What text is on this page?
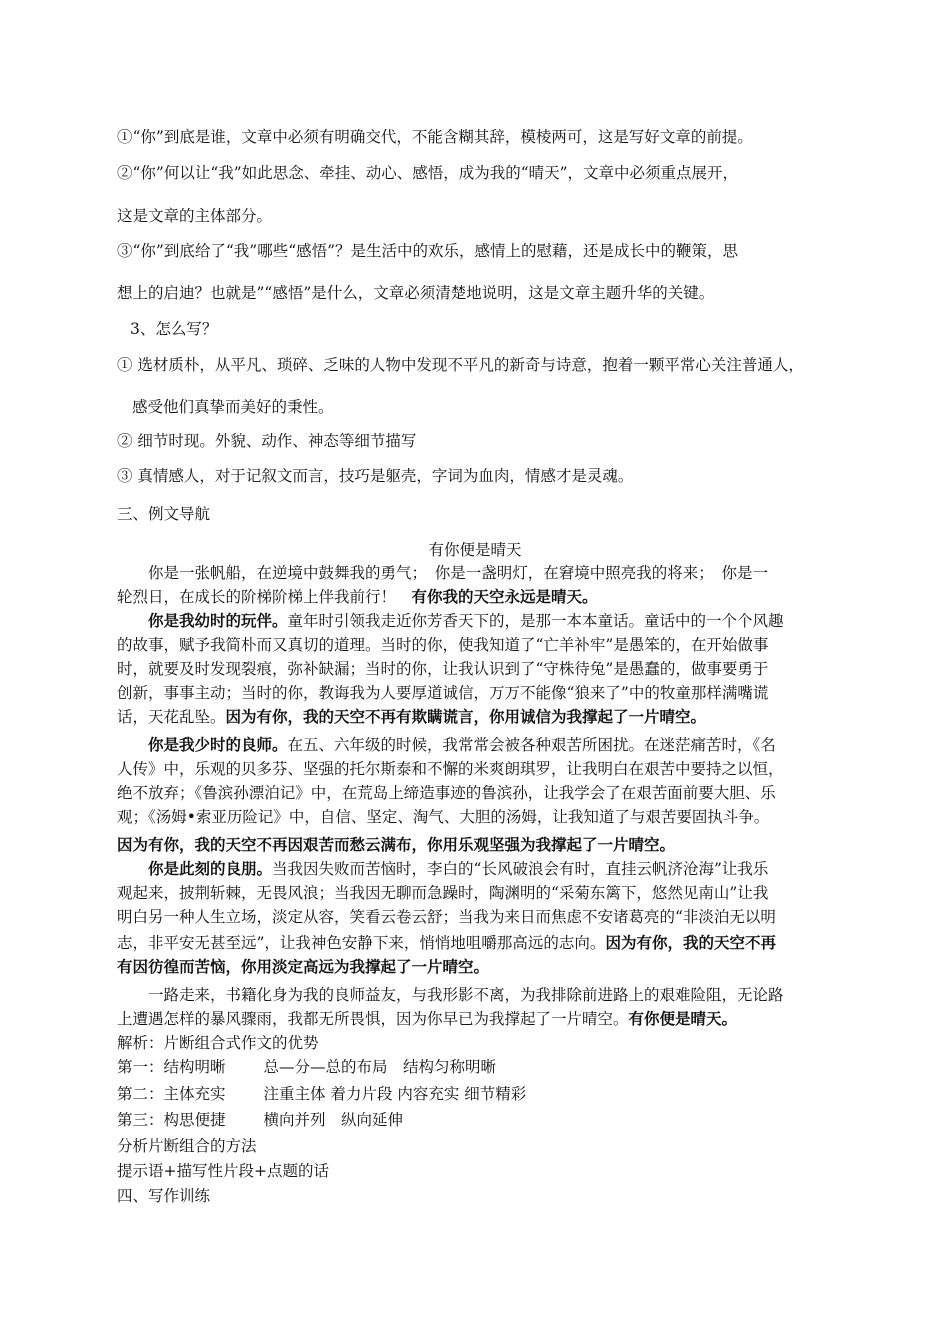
①“你”到底是谁，文章中必须有明确交代，不能含糊其辞，模棱两可，这是写好文章的前提。
②“你”何以让“我”如此思念、牵挂、动心、感悟，成为我的“晴天”，文章中必须重点展开，
这是文章的主体部分。
③“你”到底给了“我”哪些“感悟”？是生活中的欢乐，感情上的慰藉，还是成长中的鞭策，思
想上的启迪？也就是”“感悟”是什么，文章必须清楚地说明，这是文章主题升华的关键。
3、怎么写？
① 选材质朴，从平凡、琐碎、乏味的人物中发现不平凡的新奇与诗意，抱着一颗平常心关注普通人，
感受他们真挚而美好的秉性。
② 细节时现。外貌、动作、神态等细节描写
③ 真情感人，对于记叙文而言，技巧是躯壳，字词为血肉，情感才是灵魂。
三、例文导航
有你便是晴天
你是一张帆船，在逆境中鼓舞我的勇气；　你是一盏明灯，在窘境中照亮我的将来；　你是一
轮烈日，在成长的阶梯阶梯上伴我前行！　有你我的天空永远是晴天。
你是我幼时的玩伴。童年时引领我走近你芳香天下的，是那一本本童话。童话中的一个个风趣
的故事，赋予我简朴而又真切的道理。当时的你，使我知道了“亡羊补牢”是愚笨的，在开始做事
时，就要及时发现裂痕，弥补缺漏；当时的你，让我认识到了“守株待兔”是愚蠢的，做事要勇于
创新，事事主动；当时的你，教诲我为人要厚道诚信，万万不能像“狼来了”中的牧童那样满嘴谎
话，天花乱坠。因为有你，我的天空不再有欺瞒谎言，你用诚信为我撑起了一片晴空。
你是我少时的良师。在五、六年级的时候，我常常会被各种艰苦所困扰。在迷茫痛苦时，《名
人传》中，乐观的贝多芬、坚强的托尔斯泰和不懈的米爽朗琪罗，让我明白在艰苦中要持之以恒，
绝不放弃；《鲁滨孙漂泊记》中，在荒岛上缔造事迹的鲁滨孙，让我学会了在艰苦面前要大胆、乐
观；《汤姆•索亚历险记》中，自信、坚定、淘气、大胆的汤姆，让我知道了与艰苦要固执斗争。
因为有你，我的天空不再因艰苦而愁云满布，你用乐观坚强为我撑起了一片晴空。
你是此刻的良朋。当我因失败而苦恼时，李白的“长风破浪会有时，直挂云帆济沧海”让我乐
观起来，披荆斩棘，无畏风浪；当我因无聊而急躁时，陶渊明的“采菊东篱下，悠然见南山”让我
明白另一种人生立场，淡定从容，笑看云卷云舒；当我为来日而焦虑不安诸葛亮的“非淡泊无以明
志，非平安无甚至远”，让我神色安静下来，悄悄地咀嚼那高远的志向。因为有你，我的天空不再
有因彷徨而苦恼，你用淡定高远为我撑起了一片晴空。
一路走来，书籍化身为我的良师益友，与我形影不离，为我排除前进路上的艰难险阻，无论路
上遭遇怎样的暴风骤雨，我都无所畏惧，因为你早已为我撑起了一片晴空。有你便是晴天。
解析：片断组合式作文的优势
第一：结构明晰 总—分—总的布局　结构匀称明晰
第二：主体充实 注重主体 着力片段 内容充实 细节精彩
第三：构思便捷 横向并列　纵向延伸
分析片断组合的方法
提示语+描写性片段+点题的话
四、写作训练
